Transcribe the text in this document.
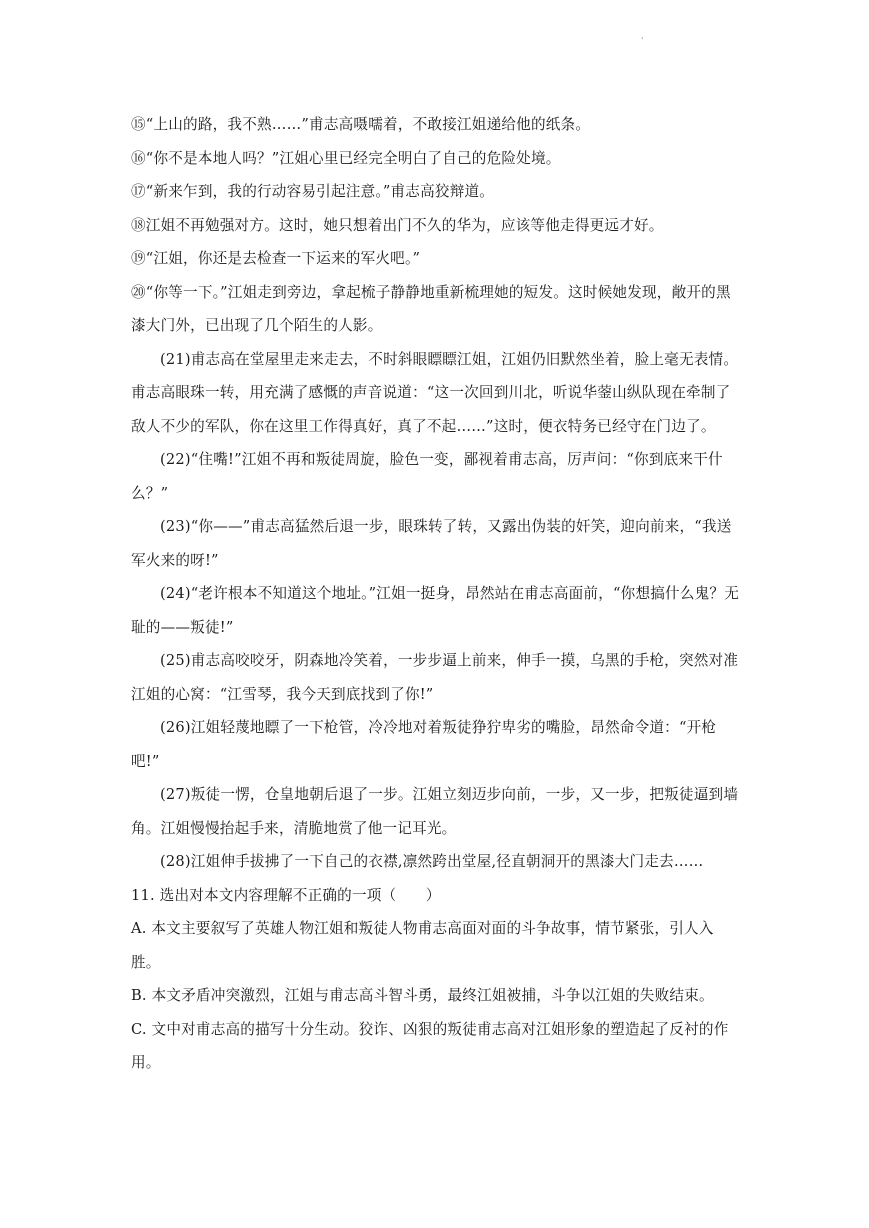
·

⑮“上山的路，我不熟……”甫志高嗫嚅着，不敢接江姐递给他的纸条。

⑯“你不是本地人吗？”江姐心里已经完全明白了自己的危险处境。

⑰“新来乍到，我的行动容易引起注意。”甫志高狡辩道。

⑱江姐不再勉强对方。这时，她只想着出门不久的华为，应该等他走得更远才好。

⑲“江姐，你还是去检查一下运来的军火吧。”

⑳“你等一下。”江姐走到旁边，拿起梳子静静地重新梳理她的短发。这时候她发现，敞开的黑漆大门外，已出现了几个陌生的人影。

(21)甫志高在堂屋里走来走去，不时斜眼瞟瞟江姐，江姐仍旧默然坐着，脸上毫无表情。甫志高眼珠一转，用充满了感慨的声音说道：“这一次回到川北，听说华蓥山纵队现在牵制了敌人不少的军队，你在这里工作得真好，真了不起……”这时，便衣特务已经守在门边了。

(22)“住嘴!”江姐不再和叛徒周旋，脸色一变，鄙视着甫志高，厉声问：“你到底来干什么？”

(23)“你——”甫志高猛然后退一步，眼珠转了转，又露出伪装的奸笑，迎向前来，“我送军火来的呀!”

(24)“老许根本不知道这个地址。”江姐一挺身，昂然站在甫志高面前，“你想搞什么鬼？无耻的——叛徒!”

(25)甫志高咬咬牙，阴森地冷笑着，一步步逼上前来，伸手一摸，乌黑的手枪，突然对准江姐的心窝：“江雪琴，我今天到底找到了你!”

(26)江姐轻蔑地瞟了一下枪管，冷冷地对着叛徒狰狞卑劣的嘴脸，昂然命令道：“开枪吧!”

(27)叛徒一愣，仓皇地朝后退了一步。江姐立刻迈步向前，一步，又一步，把叛徒逼到墙角。江姐慢慢抬起手来，清脆地赏了他一记耳光。

(28)江姐伸手拔拂了一下自己的衣襟,凛然跨出堂屋,径直朝洞开的黑漆大门走去……

11. 选出对本文内容理解不正确的一项（　　）

A. 本文主要叙写了英雄人物江姐和叛徒人物甫志高面对面的斗争故事，情节紧张，引人入胜。

B. 本文矛盾冲突激烈，江姐与甫志高斗智斗勇，最终江姐被捕，斗争以江姐的失败结束。

C. 文中对甫志高的描写十分生动。狡诈、凶狠的叛徒甫志高对江姐形象的塑造起了反衬的作用。
